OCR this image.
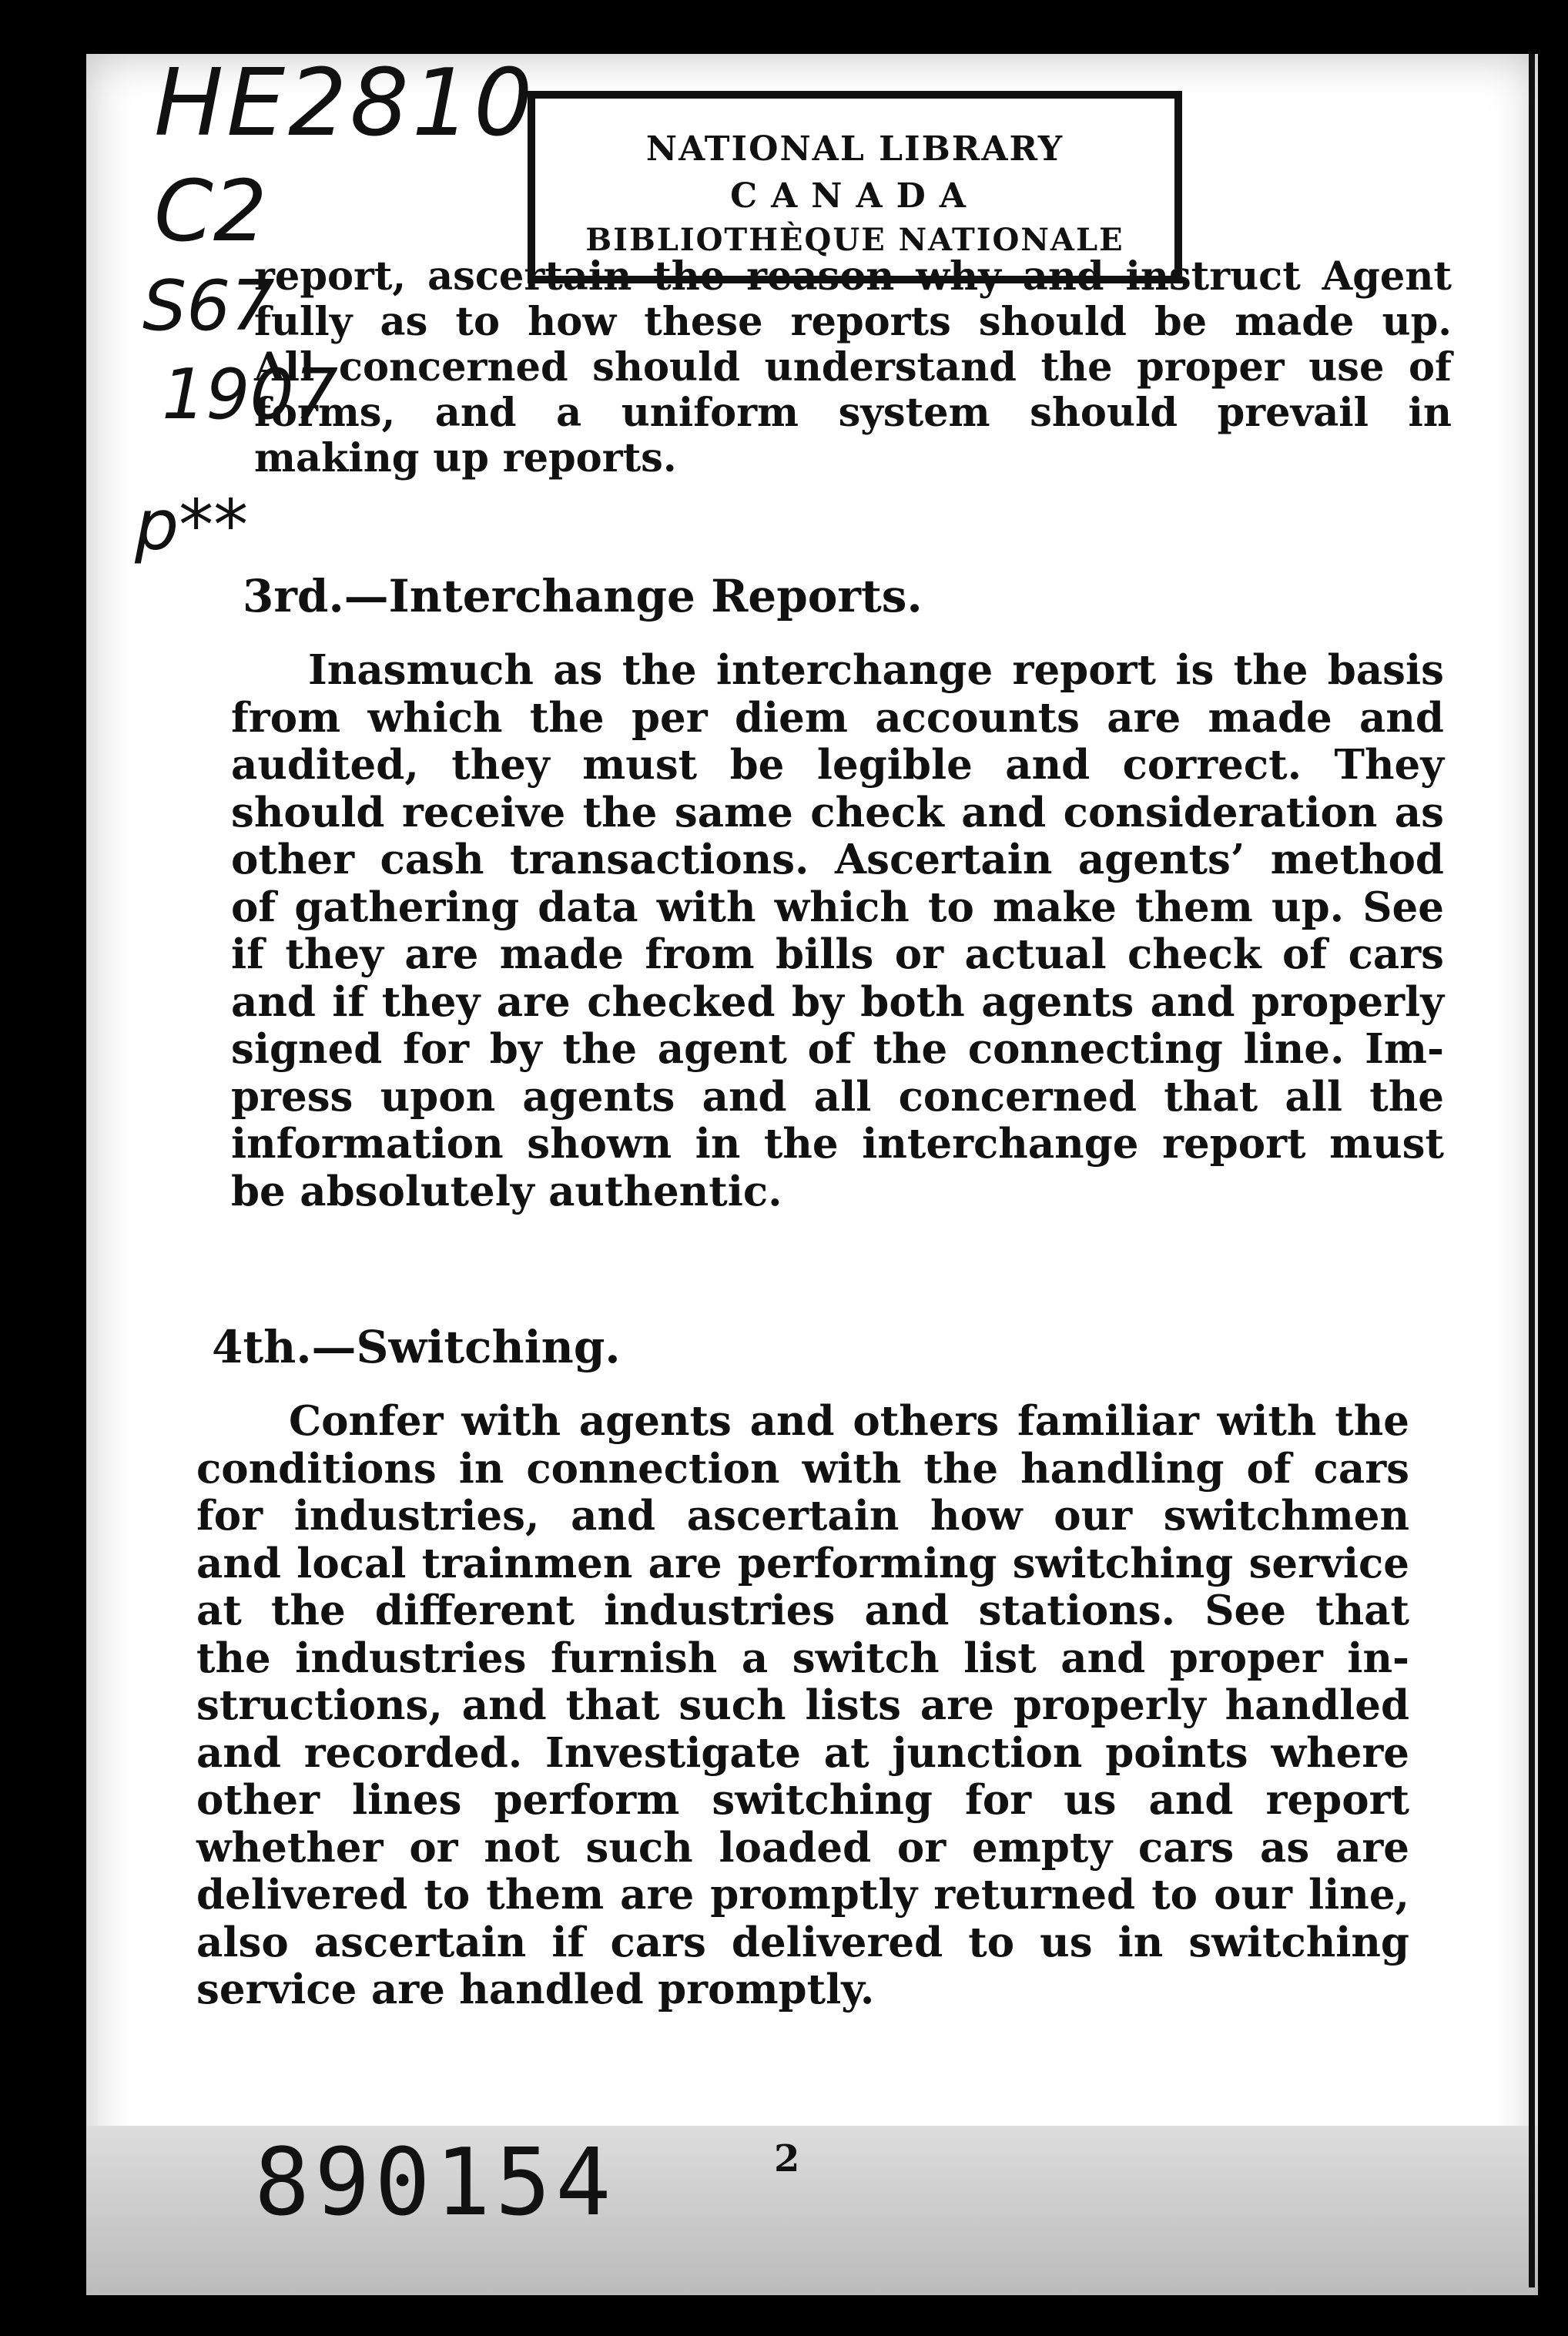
NATIONAL LIBRARY
CANADA
BIBLIOTHÈQUE NATIONALE
HE2810
C2
S67
1907
p**
report, ascertain the reason why and instruct Agent
fully as to how these reports should be made up.
All concerned should understand the proper use of
forms, and a uniform system should prevail in
making up reports.
3rd.—Interchange Reports.
Inasmuch as the interchange report is the basis
from which the per diem accounts are made and
audited, they must be legible and correct. They
should receive the same check and consideration as
other cash transactions. Ascertain agents’ method
of gathering data with which to make them up. See
if they are made from bills or actual check of cars
and if they are checked by both agents and properly
signed for by the agent of the connecting line. Im-
press upon agents and all concerned that all the
information shown in the interchange report must
be absolutely authentic.
4th.—Switching.
Confer with agents and others familiar with the
conditions in connection with the handling of cars
for industries, and ascertain how our switchmen
and local trainmen are performing switching service
at the different industries and stations. See that
the industries furnish a switch list and proper in-
structions, and that such lists are properly handled
and recorded. Investigate at junction points where
other lines perform switching for us and report
whether or not such loaded or empty cars as are
delivered to them are promptly returned to our line,
also ascertain if cars delivered to us in switching
service are handled promptly.
890154	2
